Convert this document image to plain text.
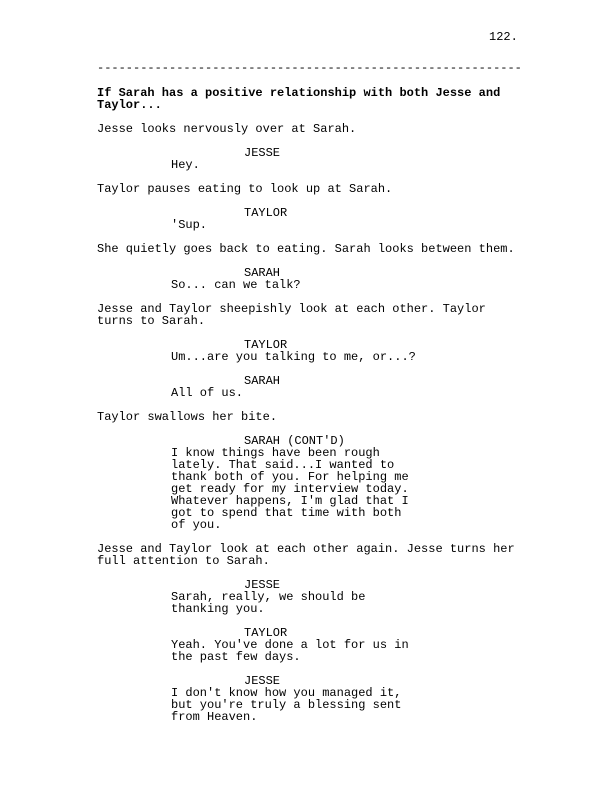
122.
-----------------------------------------------------------
If Sarah has a positive relationship with both Jesse and
Taylor...
Jesse looks nervously over at Sarah.
JESSE
Hey.
Taylor pauses eating to look up at Sarah.
TAYLOR
'Sup.
She quietly goes back to eating. Sarah looks between them.
SARAH
So... can we talk?
Jesse and Taylor sheepishly look at each other. Taylor
turns to Sarah.
TAYLOR
Um...are you talking to me, or...?
SARAH
All of us.
Taylor swallows her bite.
SARAH (CONT'D)
I know things have been rough
lately. That said...I wanted to
thank both of you. For helping me
get ready for my interview today.
Whatever happens, I'm glad that I
got to spend that time with both
of you.
Jesse and Taylor look at each other again. Jesse turns her
full attention to Sarah.
JESSE
Sarah, really, we should be
thanking you.
TAYLOR
Yeah. You've done a lot for us in
the past few days.
JESSE
I don't know how you managed it,
but you're truly a blessing sent
from Heaven.
